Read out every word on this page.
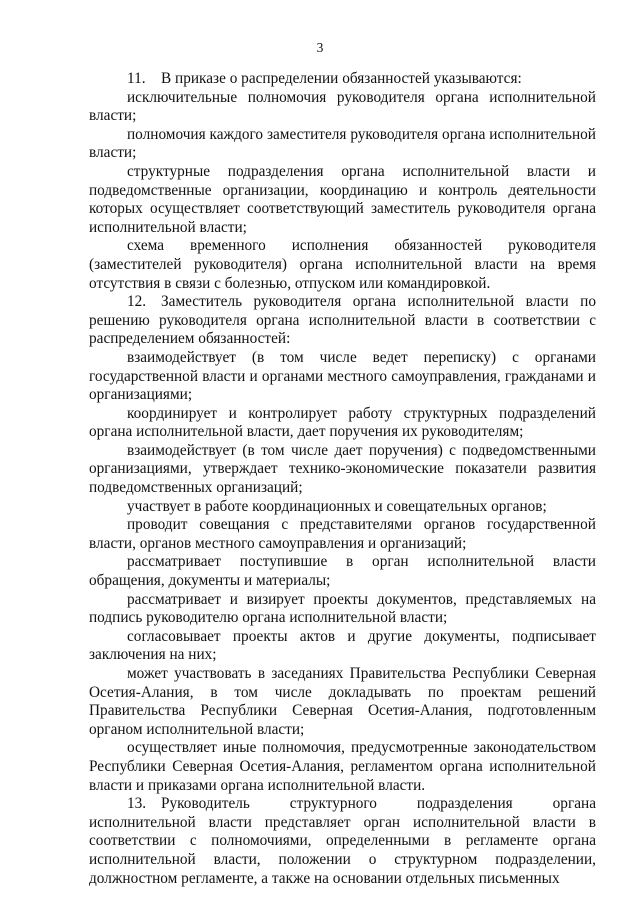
3

11. В приказе о распределении обязанностей указываются:

исключительные полномочия руководителя органа исполнительной власти;

полномочия каждого заместителя руководителя органа исполнительной власти;

структурные подразделения органа исполнительной власти и подведомственные организации, координацию и контроль деятельности которых осуществляет соответствующий заместитель руководителя органа исполнительной власти;

схема временного исполнения обязанностей руководителя (заместителей руководителя) органа исполнительной власти на время отсутствия в связи с болезнью, отпуском или командировкой.

12. Заместитель руководителя органа исполнительной власти по решению руководителя органа исполнительной власти в соответствии с распределением обязанностей:

взаимодействует (в том числе ведет переписку) с органами государственной власти и органами местного самоуправления, гражданами и организациями;

координирует и контролирует работу структурных подразделений органа исполнительной власти, дает поручения их руководителям;

взаимодействует (в том числе дает поручения) с подведомственными организациями, утверждает технико-экономические показатели развития подведомственных организаций;

участвует в работе координационных и совещательных органов;

проводит совещания с представителями органов государственной власти, органов местного самоуправления и организаций;

рассматривает поступившие в орган исполнительной власти обращения, документы и материалы;

рассматривает и визирует проекты документов, представляемых на подпись руководителю органа исполнительной власти;

согласовывает проекты актов и другие документы, подписывает заключения на них;

может участвовать в заседаниях Правительства Республики Северная Осетия-Алания, в том числе докладывать по проектам решений Правительства Республики Северная Осетия-Алания, подготовленным органом исполнительной власти;

осуществляет иные полномочия, предусмотренные законодательством Республики Северная Осетия-Алания, регламентом органа исполнительной власти и приказами органа исполнительной власти.

13. Руководитель структурного подразделения органа исполнительной власти представляет орган исполнительной власти в соответствии с полномочиями, определенными в регламенте органа исполнительной власти, положении о структурном подразделении, должностном регламенте, а также на основании отдельных письменных
